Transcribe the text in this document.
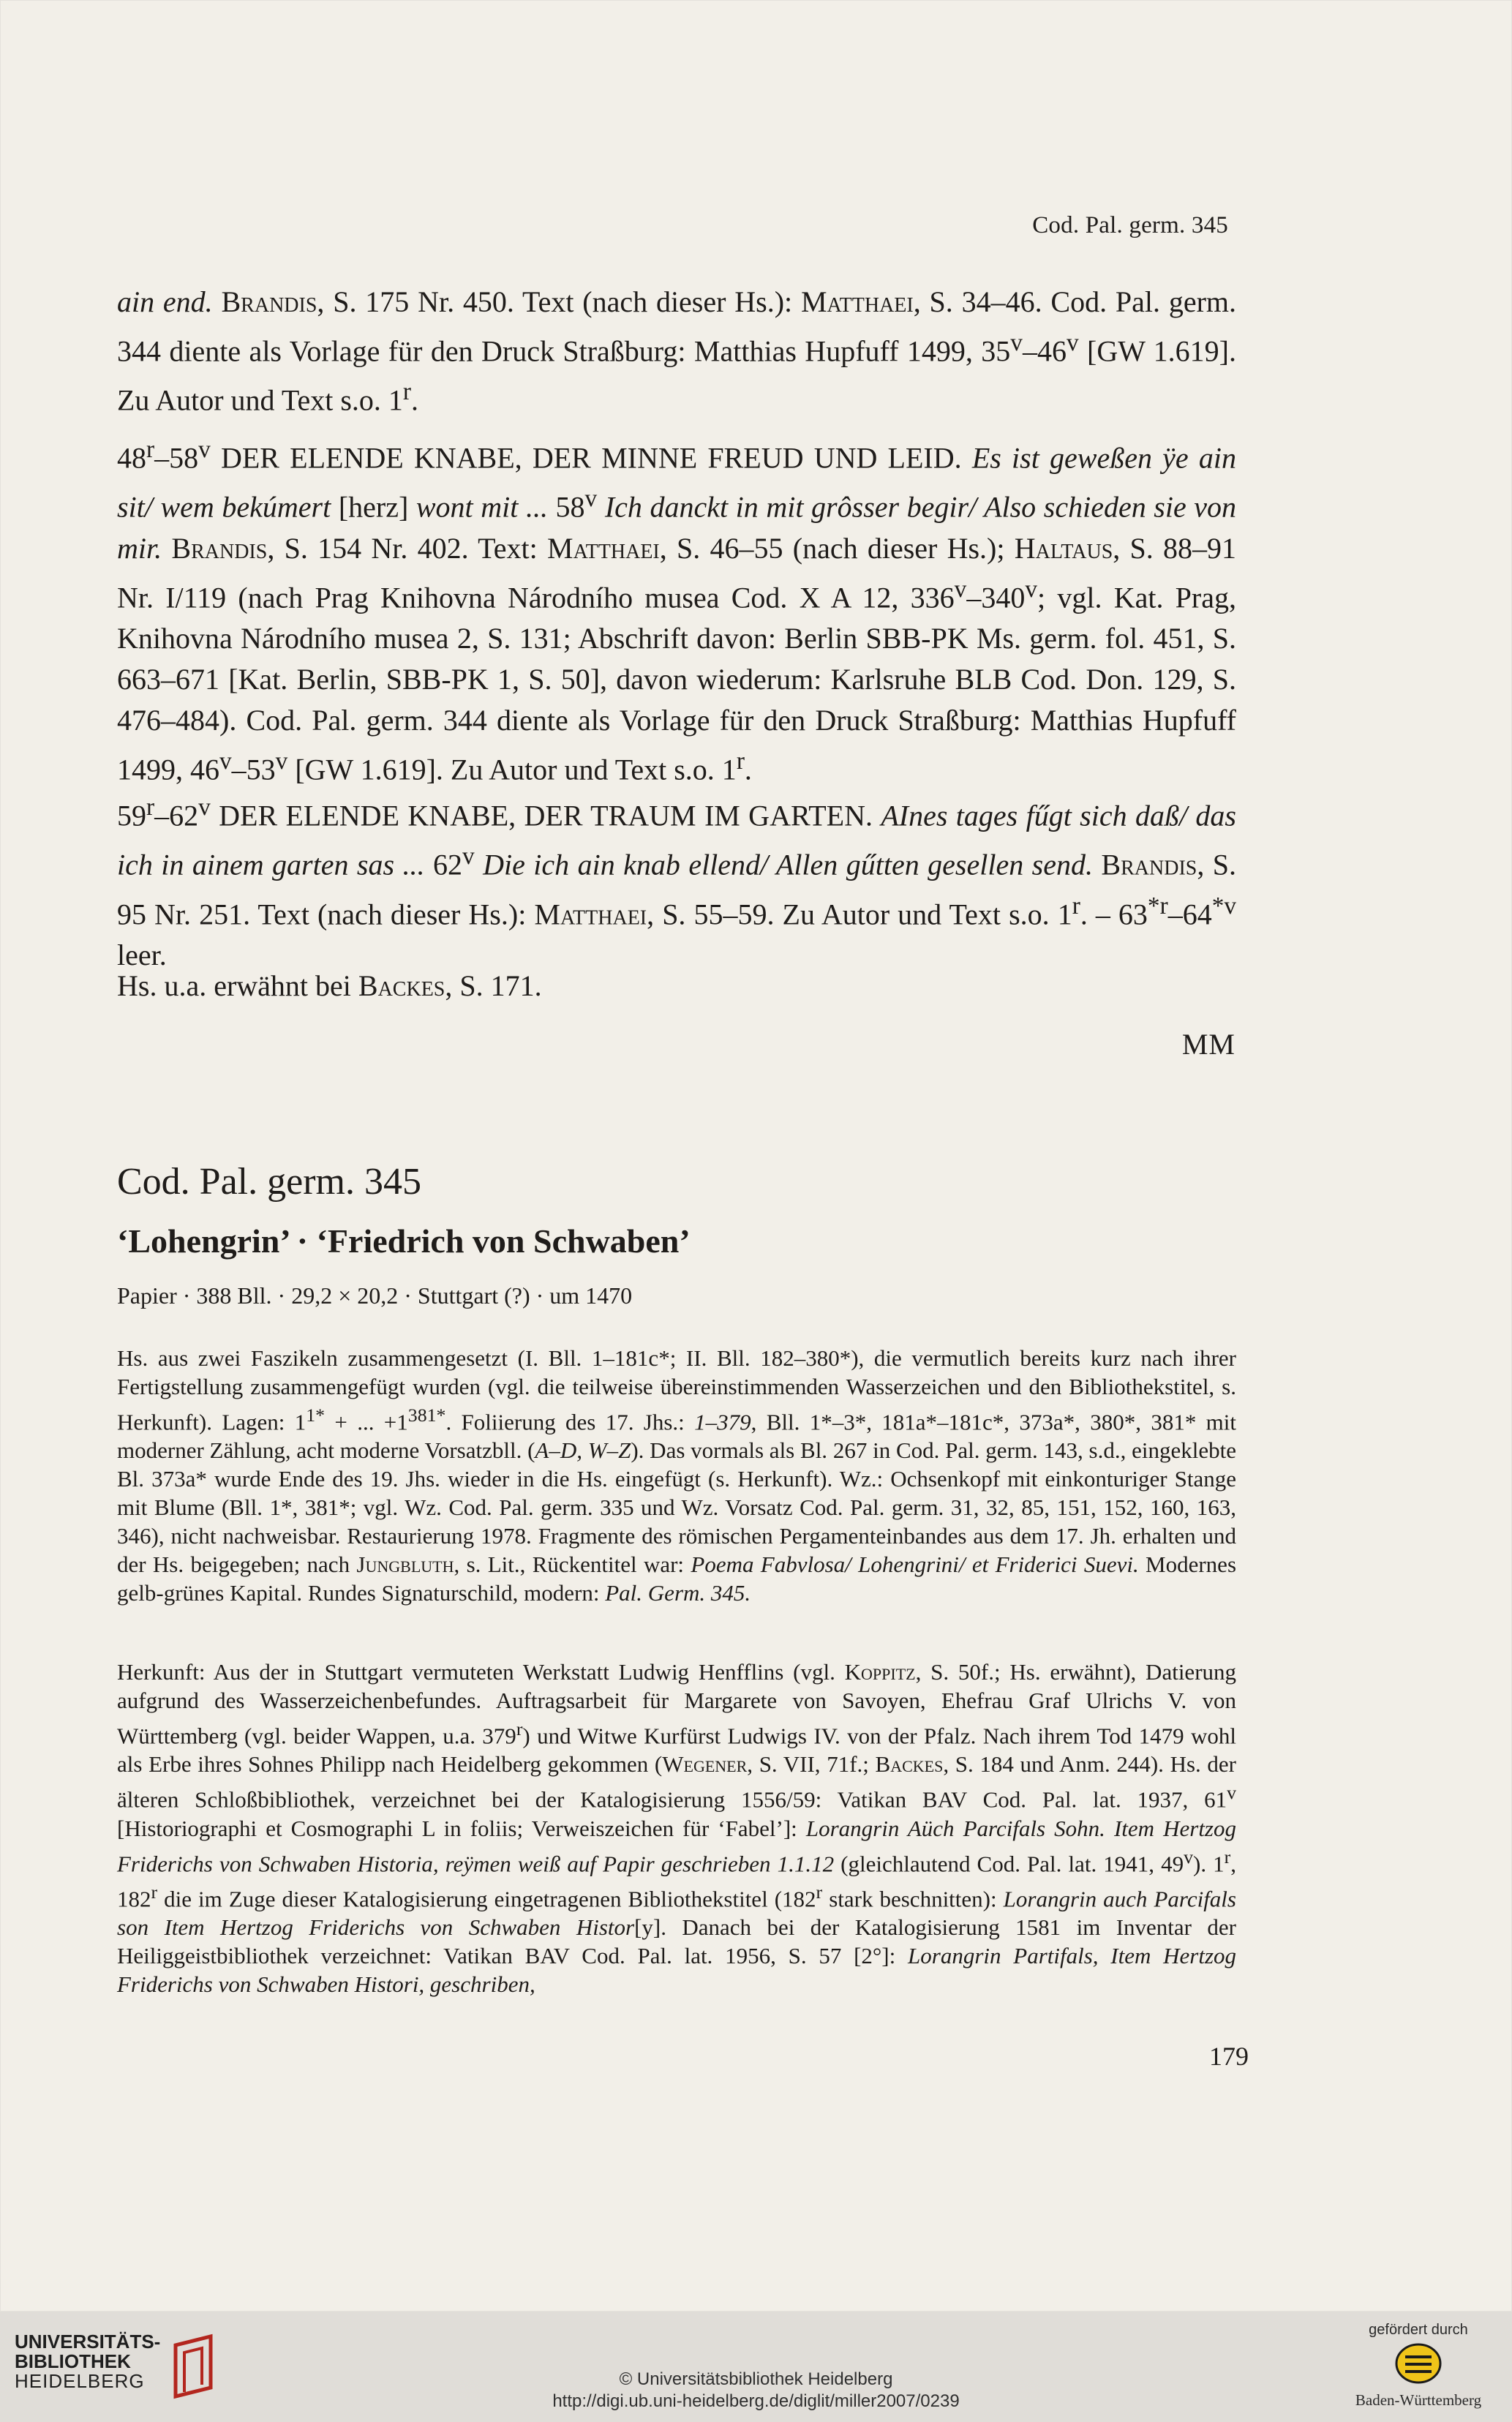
Cod. Pal. germ. 345

ain end. Brandis, S. 175 Nr. 450. Text (nach dieser Hs.): Matthaei, S. 34–46. Cod. Pal. germ. 344 diente als Vorlage für den Druck Straßburg: Matthias Hupfuff 1499, 35$^v$–46$^v$ [GW 1.619]. Zu Autor und Text s.o. 1$^r$.

48$^r$–58$^v$ DER ELENDE KNABE, DER MINNE FREUD UND LEID. Es ist geweßen ÿe ain sit/ wem bekúmert [herz] wont mit ... 58$^v$ Ich danckt in mit grôsser begir/ Also schieden sie von mir. Brandis, S. 154 Nr. 402. Text: Matthaei, S. 46–55 (nach dieser Hs.); Haltaus, S. 88–91 Nr. I/119 (nach Prag Knihovna Národního musea Cod. X A 12, 336$^v$–340$^v$; vgl. Kat. Prag, Knihovna Národního musea 2, S. 131; Abschrift davon: Berlin SBB-PK Ms. germ. fol. 451, S. 663–671 [Kat. Berlin, SBB-PK 1, S. 50], davon wiederum: Karlsruhe BLB Cod. Don. 129, S. 476–484). Cod. Pal. germ. 344 diente als Vorlage für den Druck Straßburg: Matthias Hupfuff 1499, 46$^v$–53$^v$ [GW 1.619]. Zu Autor und Text s.o. 1$^r$.

59$^r$–62$^v$ DER ELENDE KNABE, DER TRAUM IM GARTEN. AInes tages fűgt sich daß/ das ich in ainem garten sas ... 62$^v$ Die ich ain knab ellend/ Allen gűtten gesellen send. Brandis, S. 95 Nr. 251. Text (nach dieser Hs.): Matthaei, S. 55–59. Zu Autor und Text s.o. 1$^r$. – 63$^{*r}$–64$^{*v}$ leer.

Hs. u.a. erwähnt bei Backes, S. 171.

MM
Cod. Pal. germ. 345
‘Lohengrin’ · ‘Friedrich von Schwaben’
Papier · 388 Bll. · 29,2 × 20,2 · Stuttgart (?) · um 1470

Hs. aus zwei Faszikeln zusammengesetzt (I. Bll. 1–181c*; II. Bll. 182–380*), die vermutlich bereits kurz nach ihrer Fertigstellung zusammengefügt wurden (vgl. die teilweise übereinstimmenden Wasserzeichen und den Bibliothekstitel, s. Herkunft). Lagen: $1^{1*}$ + ... $+1^{381*}$. Foliierung des 17. Jhs.: 1–379, Bll. 1*–3*, 181a*–181c*, 373a*, 380*, 381* mit moderner Zählung, acht moderne Vorsatzbll. (A–D, W–Z). Das vormals als Bl. 267 in Cod. Pal. germ. 143, s.d., eingeklebte Bl. 373a* wurde Ende des 19. Jhs. wieder in die Hs. eingefügt (s. Herkunft). Wz.: Ochsenkopf mit einkonturiger Stange mit Blume (Bll. 1*, 381*; vgl. Wz. Cod. Pal. germ. 335 und Wz. Vorsatz Cod. Pal. germ. 31, 32, 85, 151, 152, 160, 163, 346), nicht nachweisbar. Restaurierung 1978. Fragmente des römischen Pergamenteinbandes aus dem 17. Jh. erhalten und der Hs. beigegeben; nach Jungbluth, s. Lit., Rückentitel war: Poema Fabvlosa/ Lohengrini/ et Friderici Suevi. Modernes gelb-grünes Kapital. Rundes Signaturschild, modern: Pal. Germ. 345.

Herkunft: Aus der in Stuttgart vermuteten Werkstatt Ludwig Henfflins (vgl. Koppitz, S. 50f.; Hs. erwähnt), Datierung aufgrund des Wasserzeichenbefundes. Auftragsarbeit für Margarete von Savoyen, Ehefrau Graf Ulrichs V. von Württemberg (vgl. beider Wappen, u.a. 379$^r$) und Witwe Kurfürst Ludwigs IV. von der Pfalz. Nach ihrem Tod 1479 wohl als Erbe ihres Sohnes Philipp nach Heidelberg gekommen (Wegener, S. VII, 71f.; Backes, S. 184 und Anm. 244). Hs. der älteren Schloßbibliothek, verzeichnet bei der Katalogisierung 1556/59: Vatikan BAV Cod. Pal. lat. 1937, 61$^v$ [Historiographi et Cosmographi L in foliis; Verweiszeichen für ‘Fabel’]: Lorangrin Aüch Parcifals Sohn. Item Hertzog Friderichs von Schwaben Historia, reÿmen weiß auf Papir geschrieben 1.1.12 (gleichlautend Cod. Pal. lat. 1941, 49$^v$). 1$^r$, 182$^r$ die im Zuge dieser Katalogisierung eingetragenen Bibliothekstitel (182$^r$ stark beschnitten): Lorangrin auch Parcifals son Item Hertzog Friderichs von Schwaben Histor[y]. Danach bei der Katalogisierung 1581 im Inventar der Heiliggeistbibliothek verzeichnet: Vatikan BAV Cod. Pal. lat. 1956, S. 57 [2°]: Lorangrin Partifals, Item Hertzog Friderichs von Schwaben Histori, geschriben,

179
UNIVERSITÄTS-
BIBLIOTHEK
HEIDELBERG	© Universitätsbibliothek Heidelberg
http://digi.ub.uni-heidelberg.de/diglit/miller2007/0239
gefördert durch
Baden-Württemberg
